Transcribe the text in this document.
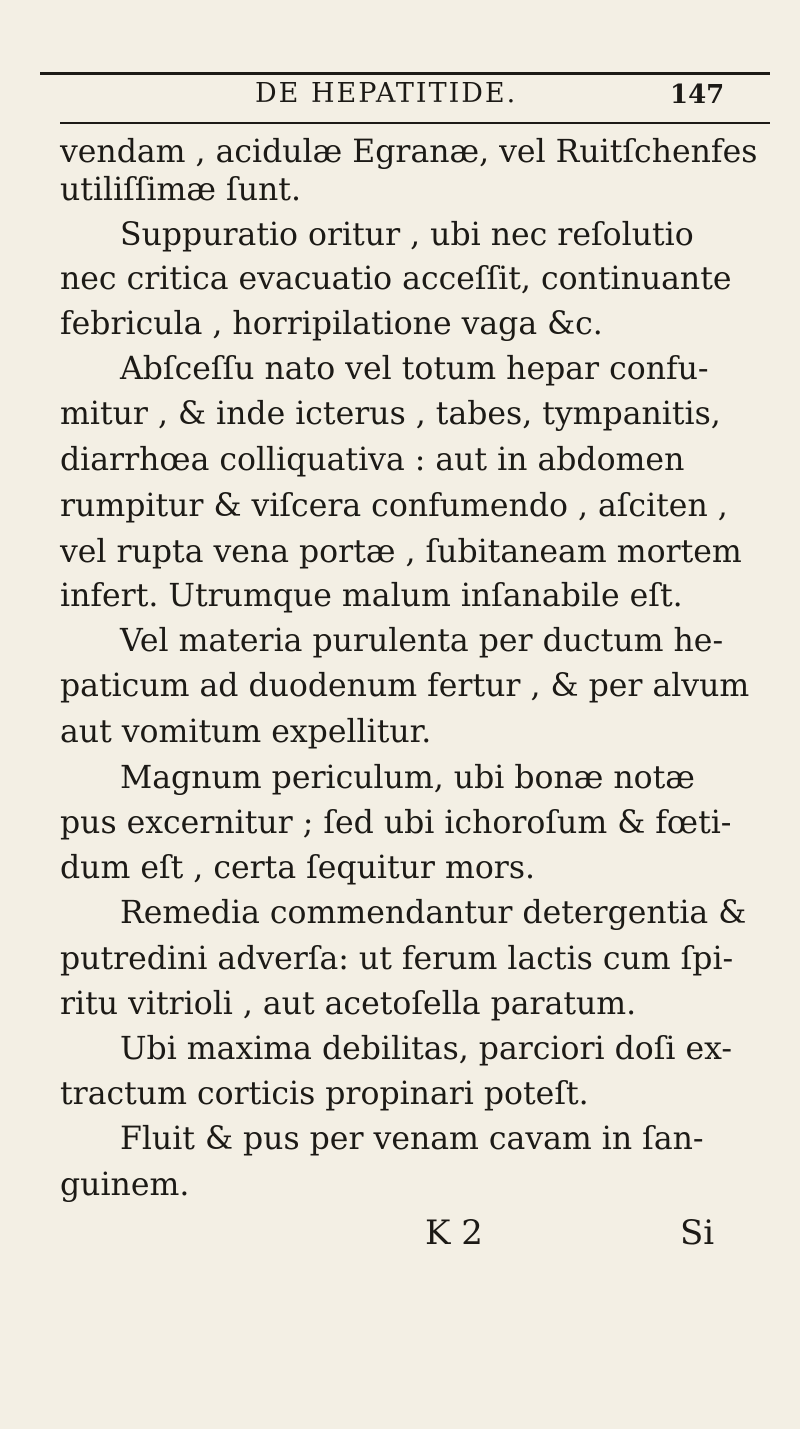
DE HEPATITIDE.	147
vendam , acidulæ Egranæ, vel Ruitſchenfes
utiliſſimæ ſunt.
Suppuratio oritur , ubi nec reſolutio
nec critica evacuatio acceſſit, continuante
febricula , horripilatione vaga &c.
Abſceſſu nato vel totum hepar confu-
mitur , & inde icterus , tabes, tympanitis,
diarrhœa colliquativa : aut in abdomen
rumpitur & viſcera confumendo , aſciten ,
vel rupta vena portæ , ſubitaneam mortem
infert. Utrumque malum inſanabile eſt.
Vel materia purulenta per ductum he-
paticum ad duodenum fertur , & per alvum
aut vomitum expellitur.
Magnum periculum, ubi bonæ notæ
pus excernitur ; ſed ubi ichoroſum & fœti-
dum eſt , certa ſequitur mors.
Remedia commendantur detergentia &
putredini adverſa: ut ferum lactis cum ſpi-
ritu vitrioli , aut acetoſella paratum.
Ubi maxima debilitas, parciori doſi ex-
tractum corticis propinari poteſt.
Fluit & pus per venam cavam in ſan-
guinem.
K 2	Si
